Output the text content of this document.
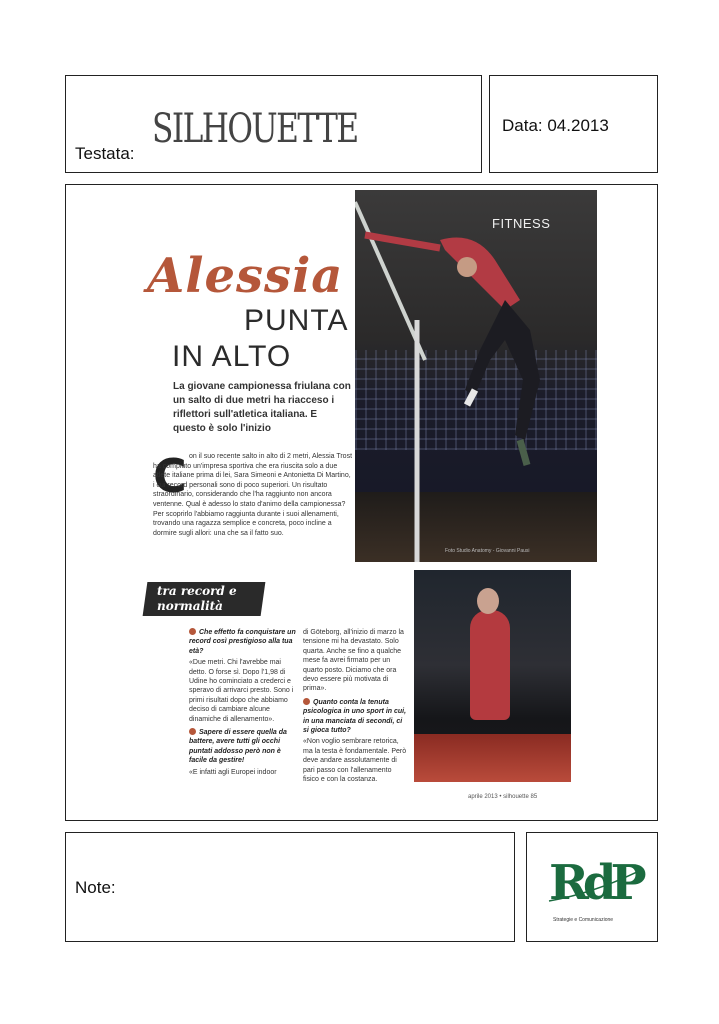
Testata:
SILHOUETTE	Data: 04.2013
FITNESS
Foto Studio Anatomy - Giovanni Pausi
Alessia
PUNTA
IN ALTO
La giovane campionessa friulana con un salto di due metri ha riacceso i riflettori sull'atletica italiana. E questo è solo l'inizio
C on il suo recente salto in alto di 2 metri, Alessia Trost ha compiuto un'impresa sportiva che era riuscita solo a due atlete italiane prima di lei, Sara Simeoni e Antonietta Di Martino, i cui record personali sono di poco superiori. Un risultato straordinario, considerando che l'ha raggiunto non ancora ventenne. Qual è adesso lo stato d'animo della campionessa? Per scoprirlo l'abbiamo raggiunta durante i suoi allenamenti, trovando una ragazza semplice e concreta, poco incline a dormire sugli allori: una che sa il fatto suo.
tra record e normalità

Che effetto fa conquistare un record così prestigioso alla tua età?

«Due metri. Chi l'avrebbe mai detto. O forse sì. Dopo l'1,98 di Udine ho cominciato a crederci e speravo di arrivarci presto. Sono i primi risultati dopo che abbiamo deciso di cambiare alcune dinamiche di allenamento».

Sapere di essere quella da battere, avere tutti gli occhi puntati addosso però non è facile da gestire!

«E infatti agli Europei indoor

di Göteborg, all'inizio di marzo la tensione mi ha devastato. Solo quarta. Anche se fino a qualche mese fa avrei firmato per un quarto posto. Diciamo che ora devo essere più motivata di prima».

Quanto conta la tenuta psicologica in uno sport in cui, in una manciata di secondi, ci si gioca tutto?

«Non voglio sembrare retorica, ma la testa è fondamentale. Però deve andare assolutamente di pari passo con l'allenamento fisico e con la costanza.

aprile 2013 • silhouette 85
Note:	RdP
Strategie e Comunicazione
